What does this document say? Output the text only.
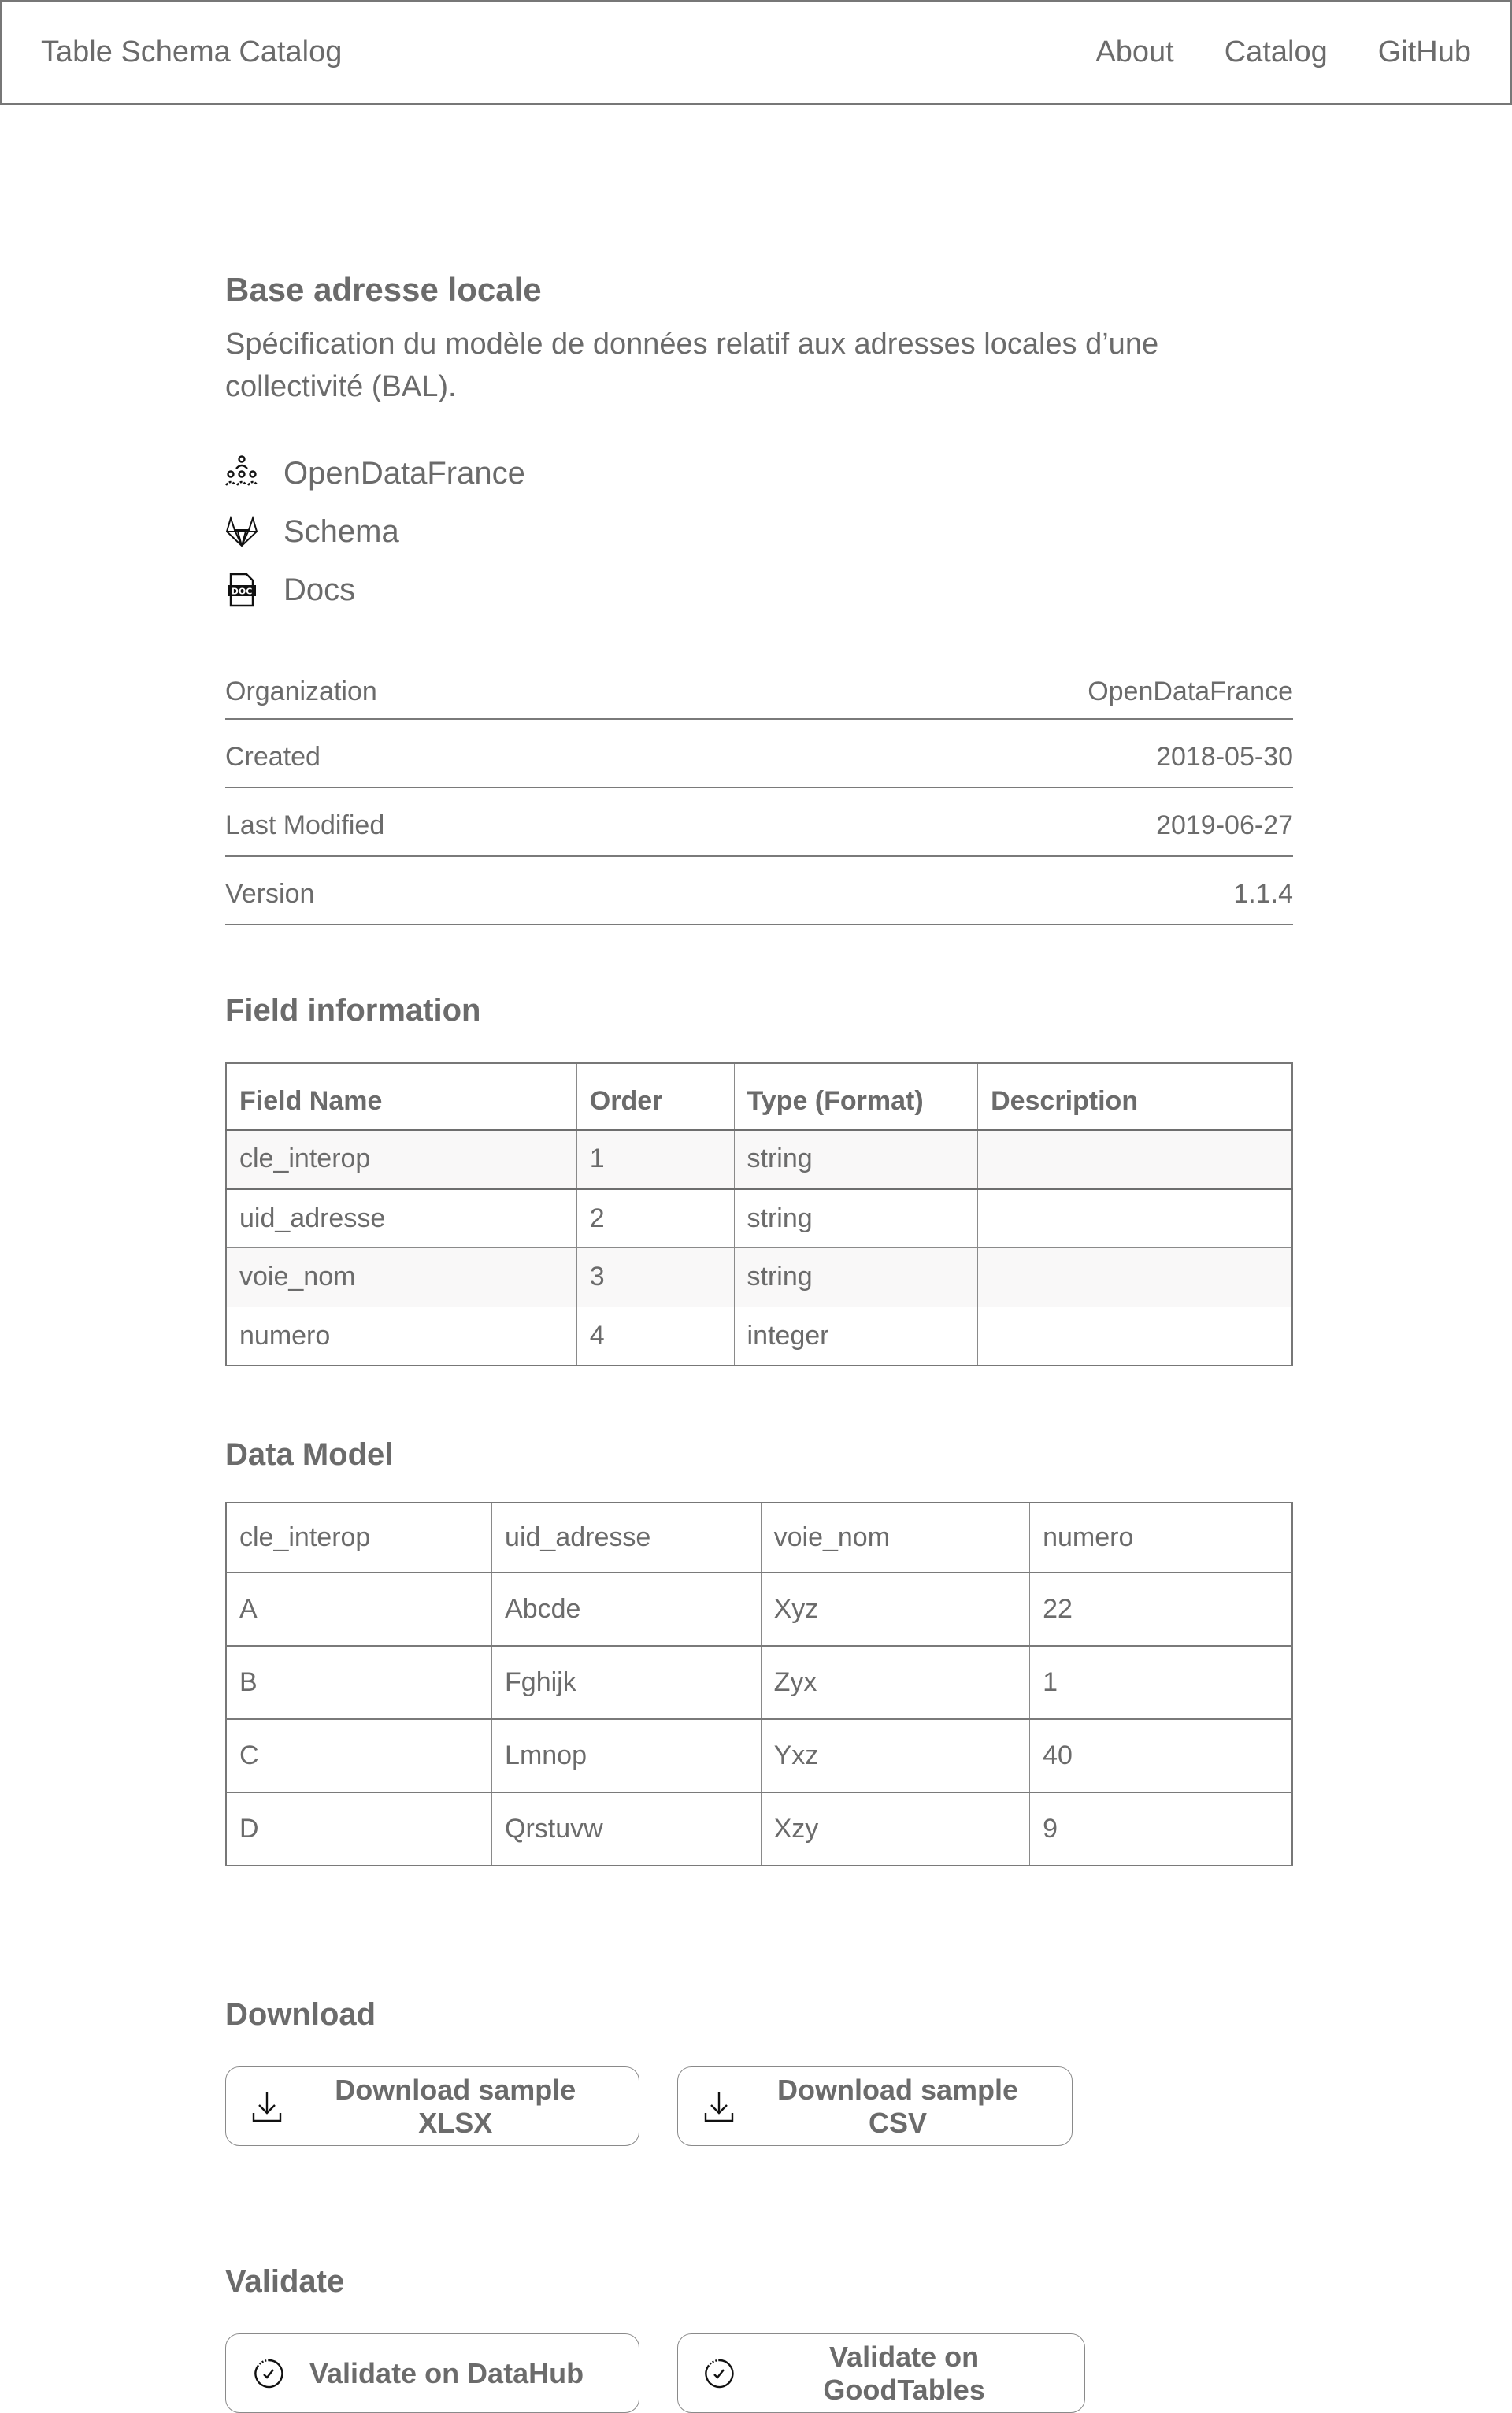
Table Schema Catalog	About Catalog GitHub
Base adresse locale

Spécification du modèle de données relatif aux adresses locales d’une collectivité (BAL).

OpenDataFrance
Schema
DOC Docs
Organization	OpenDataFrance
Created	2018-05-30
Last Modified	2019-06-27
Version	1.1.4
Field information
Field Name	Order	Type (Format)	Description
cle_interop	1	string	
uid_adresse	2	string	
voie_nom	3	string	
numero	4	integer	
Data Model
cle_interop	uid_adresse	voie_nom	numero
A	Abcde	Xyz	22
B	Fghijk	Zyx	1
C	Lmnop	Yxz	40
D	Qrstuvw	Xzy	9
Download
Download sample XLSX
Download sample CSV
Validate
Validate on DataHub
Validate on GoodTables
